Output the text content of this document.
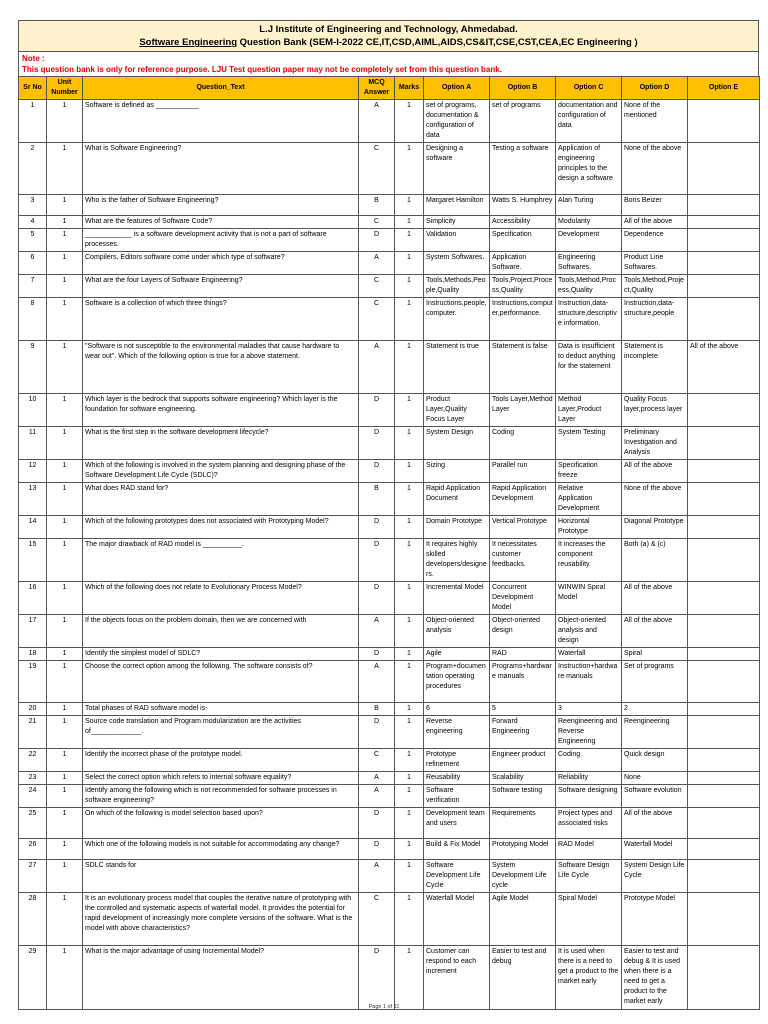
L.J Institute of Engineering and Technology, Ahmedabad.
Software Engineering Question Bank (SEM-I-2022 CE,IT,CSD,AIML,AIDS,CS&IT,CSE,CST,CEA,EC Engineering )
Note :
This question bank is only for reference purpose. LJU Test question paper may not be completely set from this question bank.
Sr No	Unit Number	Question_Text	MCQ Answer	Marks	Option A	Option B	Option C	Option D	Option E
1	1	Software is defined as ___________	A	1	set of programs, documentation & configuration of data	set of programs	documentation and configuration of data	None of the mentioned	
2	1	What is Software Engineering?	C	1	Designing a software	Testing a software	Application of engineering principles to the design a software	None of the above	
3	1	Who is the father of Software Engineering?	B	1	Margaret Hamilton	Watts S. Humphrey	Alan Turing	Boris Beizer	
4	1	What are the features of Software Code?	C	1	Simplicity	Accessibility	Modularity	All of the above	
5	1	____________ is a software development activity that is not a part of software processes.	D	1	Validation	Specification	Development	Dependence	
6	1	Compilers, Editors software come under which type of software?	A	1	System Softwares.	Application Software.	Engineering Softwares.	Product Line Softwares.	
7	1	What are the four Layers of Software Engineering?	C	1	Tools,Methods,People,Quality	Tools,Project,Process,Quality	Tools,Method,Process,Quality	Tools,Method,Project,Quality	
8	1	Software is a collection of which three things?	C	1	Instructions,people,computer.	Instructions,computer,performance.	Instruction,data-structure,descriptive information.	Instruction,data-structure,people	
9	1	"Software is not susceptible to the environmental maladies that cause hardware to wear out". Which of the following option is true for a above statement.	A	1	Statement is true	Statement is false	Data is insufficient to deduct anything for the statement	Statement is incomplete	All of the above
10	1	Which layer is the bedrock that supports software engineering? Which layer is the foundation for software engineering.	D	1	Product Layer,Quality Focus Layer	Tools Layer,Method Layer	Method Layer,Product Layer	Quality Focus layer,process layer	
11	1	What is the first step in the software development lifecycle?	D	1	System Design	Coding	System Testing	Preliminary Investigation and Analysis	
12	1	Which of the following is involved in the system planning and designing phase of the Software Development Life Cycle (SDLC)?	D	1	Sizing	Parallel run	Specification freeze	All of the above	
13	1	What does RAD stand for?	B	1	Rapid Application Document	Rapid Application Development	Relative Application Development	None of the above	
14	1	Which of the following prototypes does not associated with Prototyping Model?	D	1	Domain Prototype	Vertical Prototype	Horizontal Prototype	Diagonal Prototype	
15	1	The major drawback of RAD model is __________.	D	1	It requires highly skilled developers/designers.	It necessitates customer feedbacks.	It increases the component reusability.	Both (a) & (c)	
16	1	Which of the following does not relate to Evolutionary Process Model?	D	1	Incremental Model	Concurrent Development Model	WINWIN Spiral Model	All of the above	
17	1	If the objects focus on the problem domain, then we are concerned with	A	1	Object-oriented analysis	Object-oriented design	Object-oriented analysis and design	All of the above	
18	1	Identify the simplest model of SDLC?	D	1	Agile	RAD	Waterfall	Spiral	
19	1	Choose the correct option among the following. The software consists of?	A	1	Program+documentation operating procedures	Programs+hardware manuals	Instruction+hardware manuals	Set of programs	
20	1	Total phases of RAD software model is-	B	1	6	5	3	2	
21	1	Source code translation and Program modularization are the activities of_____________.	D	1	Reverse engineering	Forward Engineering	Reengineering and Reverse Engineering	Reengineering	
22	1	Identify the incorrect phase of the prototype model.	C	1	Prototype refinement	Engineer product	Coding	Quick design	
23	1	Select the correct option which refers to internal software equality?	A	1	Reusability	Scalability	Reliability	None	
24	1	Identify among the following which is not recommended for software processes in software engineering?	A	1	Software verification	Software testing	Software designing	Software evolution	
25	1	On which of the following is model selection based upon?	D	1	Development team and users	Requirements	Project types and associated risks	All of the above	
26	1	Which one of the following models is not suitable for accommodating any change?	D	1	Build & Fix Model	Prototyping Model	RAD Model	Waterfall Model	
27	1	SDLC stands for	A	1	Software Development Life Cycle	System Development Life cycle	Software Design Life Cycle	System Design Life Cycle	
28	1	It is an evolutionary process model that couples the iterative nature of prototyping with the controlled and systematic aspects of waterfall model. It provides the potential for rapid development of increasingly more complete versions of the software. What is the model with above characteristics?	C	1	Waterfall Model	Agile Model	Spiral Model	Prototype Model	
29	1	What is the major advantage of using Incremental Model?	D	1	Customer can respond to each increment	Easier to test and debug	It is used when there is a need to get a product to the market early	Easier to test and debug & It is used when there is a need to get a product to the market early	
Page 1 of 11
